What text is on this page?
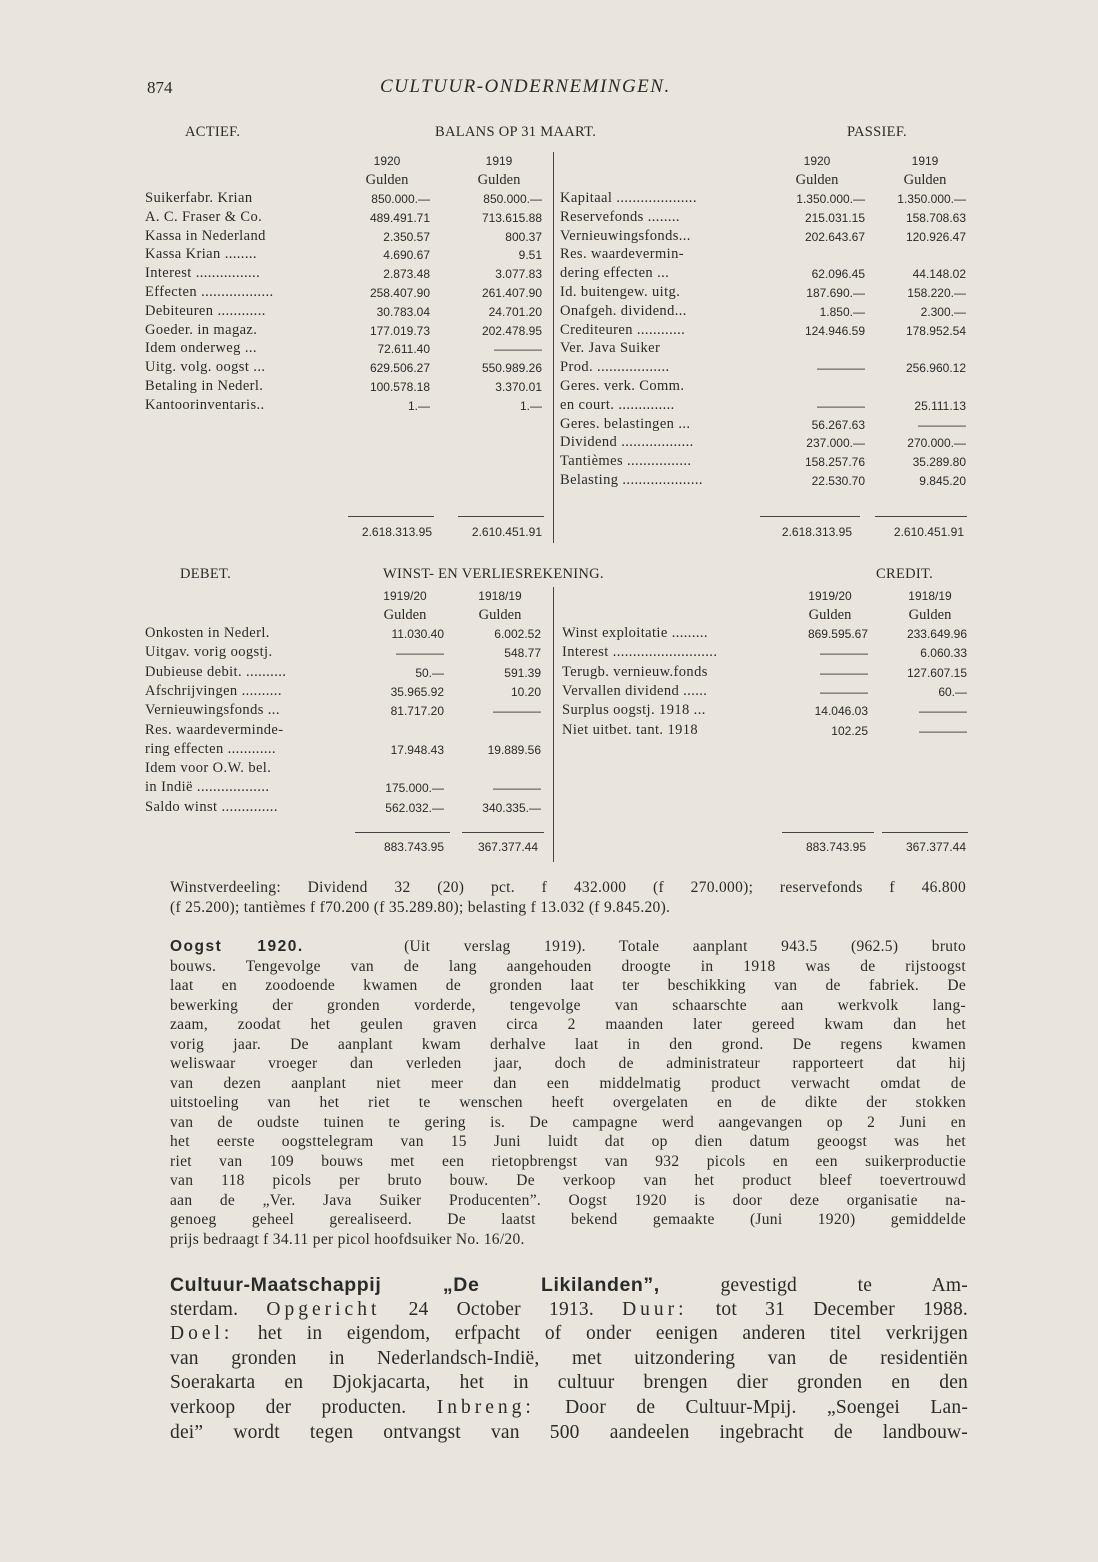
874	CULTUUR-ONDERNEMINGEN.
ACTIEF.	BALANS OP 31 MAART.	PASSIEF.
1920
Gulden
1919
Gulden
1920
Gulden
1919
Gulden
Suikerfabr. Krian	850.000.—	850.000.—
A. C. Fraser & Co.	489.491.71	713.615.88
Kassa in Nederland	2.350.57	800.37
Kassa Krian ........	4.690.67	9.51
Interest ................	2.873.48	3.077.83
Effecten ..................	258.407.90	261.407.90
Debiteuren ............	30.783.04	24.701.20
Goeder. in magaz.	177.019.73	202.478.95
Idem onderweg ...	72.611.40	————
Uitg. volg. oogst ...	629.506.27	550.989.26
Betaling in Nederl.	100.578.18	3.370.01
Kantoorinventaris..	1.—	1.—
Kapitaal ....................	1.350.000.—	1.350.000.—
Reservefonds ........	215.031.15	158.708.63
Vernieuwingsfonds...	202.643.67	120.926.47
Res. waardevermin-
dering effecten ...	62.096.45	44.148.02
Id. buitengew. uitg.	187.690.—	158.220.—
Onafgeh. dividend...	1.850.—	2.300.—
Crediteuren ............	124.946.59	178.952.54
Ver. Java Suiker
Prod. ..................	————	256.960.12
Geres. verk. Comm.
en court. ..............	————	25.111.13
Geres. belastingen ...	56.267.63	————
Dividend ..................	237.000.—	270.000.—
Tantièmes ................	158.257.76	35.289.80
Belasting ....................	22.530.70	9.845.20
2.618.313.95	2.610.451.91	2.618.313.95	2.610.451.91
DEBET.	WINST- EN VERLIESREKENING.	CREDIT.
1919/20
Gulden
1918/19
Gulden
1919/20
Gulden
1918/19
Gulden
Onkosten in Nederl.	11.030.40	6.002.52
Uitgav. vorig oogstj.	————	548.77
Dubieuse debit. ..........	50.—	591.39
Afschrijvingen ..........	35.965.92	10.20
Vernieuwingsfonds ...	81.717.20	————
Res. waardeverminde-
ring effecten ............	17.948.43	19.889.56
Idem voor O.W. bel.
in Indië ..................	175.000.—	————
Saldo winst ..............	562.032.—	340.335.—
Winst exploitatie .........	869.595.67	233.649.96
Interest ..........................	————	6.060.33
Terugb. vernieuw.fonds	————	127.607.15
Vervallen dividend ......	————	60.—
Surplus oogstj. 1918 ...	14.046.03	————
Niet uitbet. tant. 1918	102.25	————
883.743.95	367.377.44	883.743.95	367.377.44
Winstverdeeling: Dividend 32 (20) pct. f 432.000 (f 270.000); reservefonds f 46.800
(f 25.200); tantièmes f f70.200 (f 35.289.80); belasting f 13.032 (f 9.845.20).
Oogst 1920.	(Uit verslag 1919). Totale aanplant 943.5 (962.5) bruto
bouws. Tengevolge van de lang aangehouden droogte in 1918 was de rijstoogst
laat en zoodoende kwamen de gronden laat ter beschikking van de fabriek. De
bewerking der gronden vorderde, tengevolge van schaarschte aan werkvolk lang-
zaam, zoodat het geulen graven circa 2 maanden later gereed kwam dan het
vorig jaar. De aanplant kwam derhalve laat in den grond. De regens kwamen
weliswaar vroeger dan verleden jaar, doch de administrateur rapporteert dat hij
van dezen aanplant niet meer dan een middelmatig product verwacht omdat de
uitstoeling van het riet te wenschen heeft overgelaten en de dikte der stokken
van de oudste tuinen te gering is. De campagne werd aangevangen op 2 Juni en
het eerste oogsttelegram van 15 Juni luidt dat op dien datum geoogst was het
riet van 109 bouws met een rietopbrengst van 932 picols en een suikerproductie
van 118 picols per bruto bouw. De verkoop van het product bleef toevertrouwd
aan de „Ver. Java Suiker Producenten”. Oogst 1920 is door deze organisatie na-
genoeg geheel gerealiseerd. De laatst bekend gemaakte (Juni 1920) gemiddelde
prijs bedraagt f 34.11 per picol hoofdsuiker No. 16/20.
Cultuur-Maatschappij „De Likilanden”,	gevestigd te Am-
sterdam. Opgericht 24 October 1913. Duur: tot 31 December 1988.
Doel: het in eigendom, erfpacht of onder eenigen anderen titel verkrijgen
van gronden in Nederlandsch-Indië, met uitzondering van de residentiën
Soerakarta en Djokjacarta, het in cultuur brengen dier gronden en den
verkoop der producten. Inbreng: Door de Cultuur-Mpij. „Soengei Lan-
dei” wordt tegen ontvangst van 500 aandeelen ingebracht de landbouw-
